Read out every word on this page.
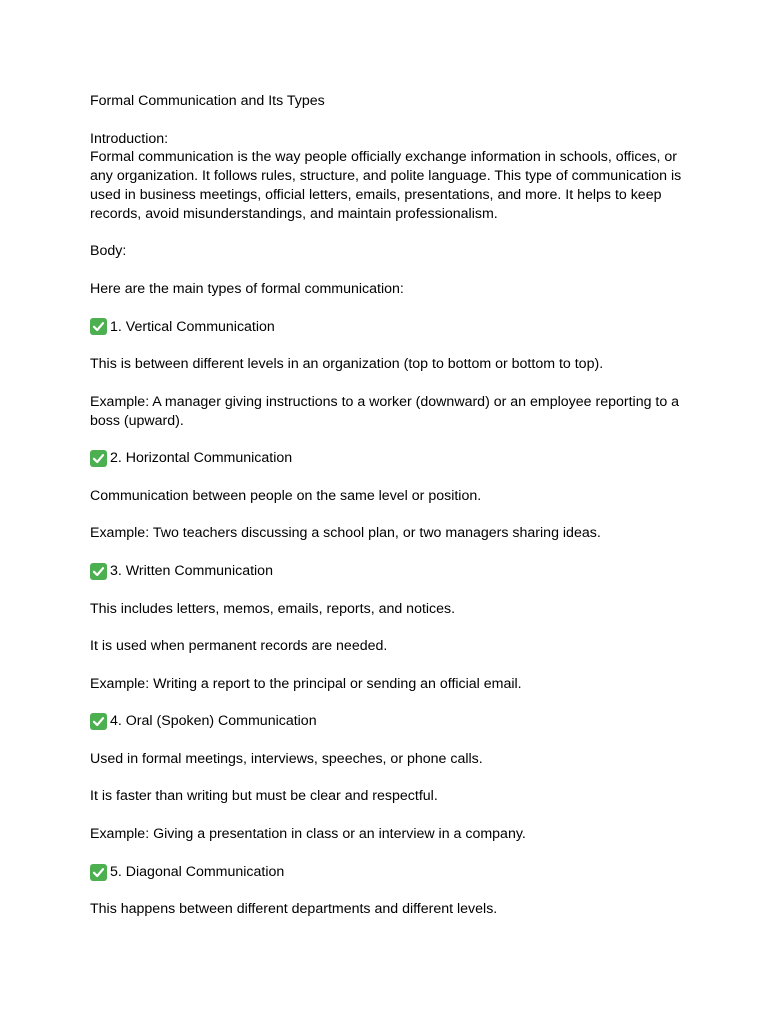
Formal Communication and Its Types

Introduction:

Formal communication is the way people officially exchange information in schools, offices, or

any organization. It follows rules, structure, and polite language. This type of communication is

used in business meetings, official letters, emails, presentations, and more. It helps to keep

records, avoid misunderstandings, and maintain professionalism.

Body:

Here are the main types of formal communication:

1. Vertical Communication

This is between different levels in an organization (top to bottom or bottom to top).

Example: A manager giving instructions to a worker (downward) or an employee reporting to a

boss (upward).

2. Horizontal Communication

Communication between people on the same level or position.

Example: Two teachers discussing a school plan, or two managers sharing ideas.

3. Written Communication

This includes letters, memos, emails, reports, and notices.

It is used when permanent records are needed.

Example: Writing a report to the principal or sending an official email.

4. Oral (Spoken) Communication

Used in formal meetings, interviews, speeches, or phone calls.

It is faster than writing but must be clear and respectful.

Example: Giving a presentation in class or an interview in a company.

5. Diagonal Communication

This happens between different departments and different levels.
